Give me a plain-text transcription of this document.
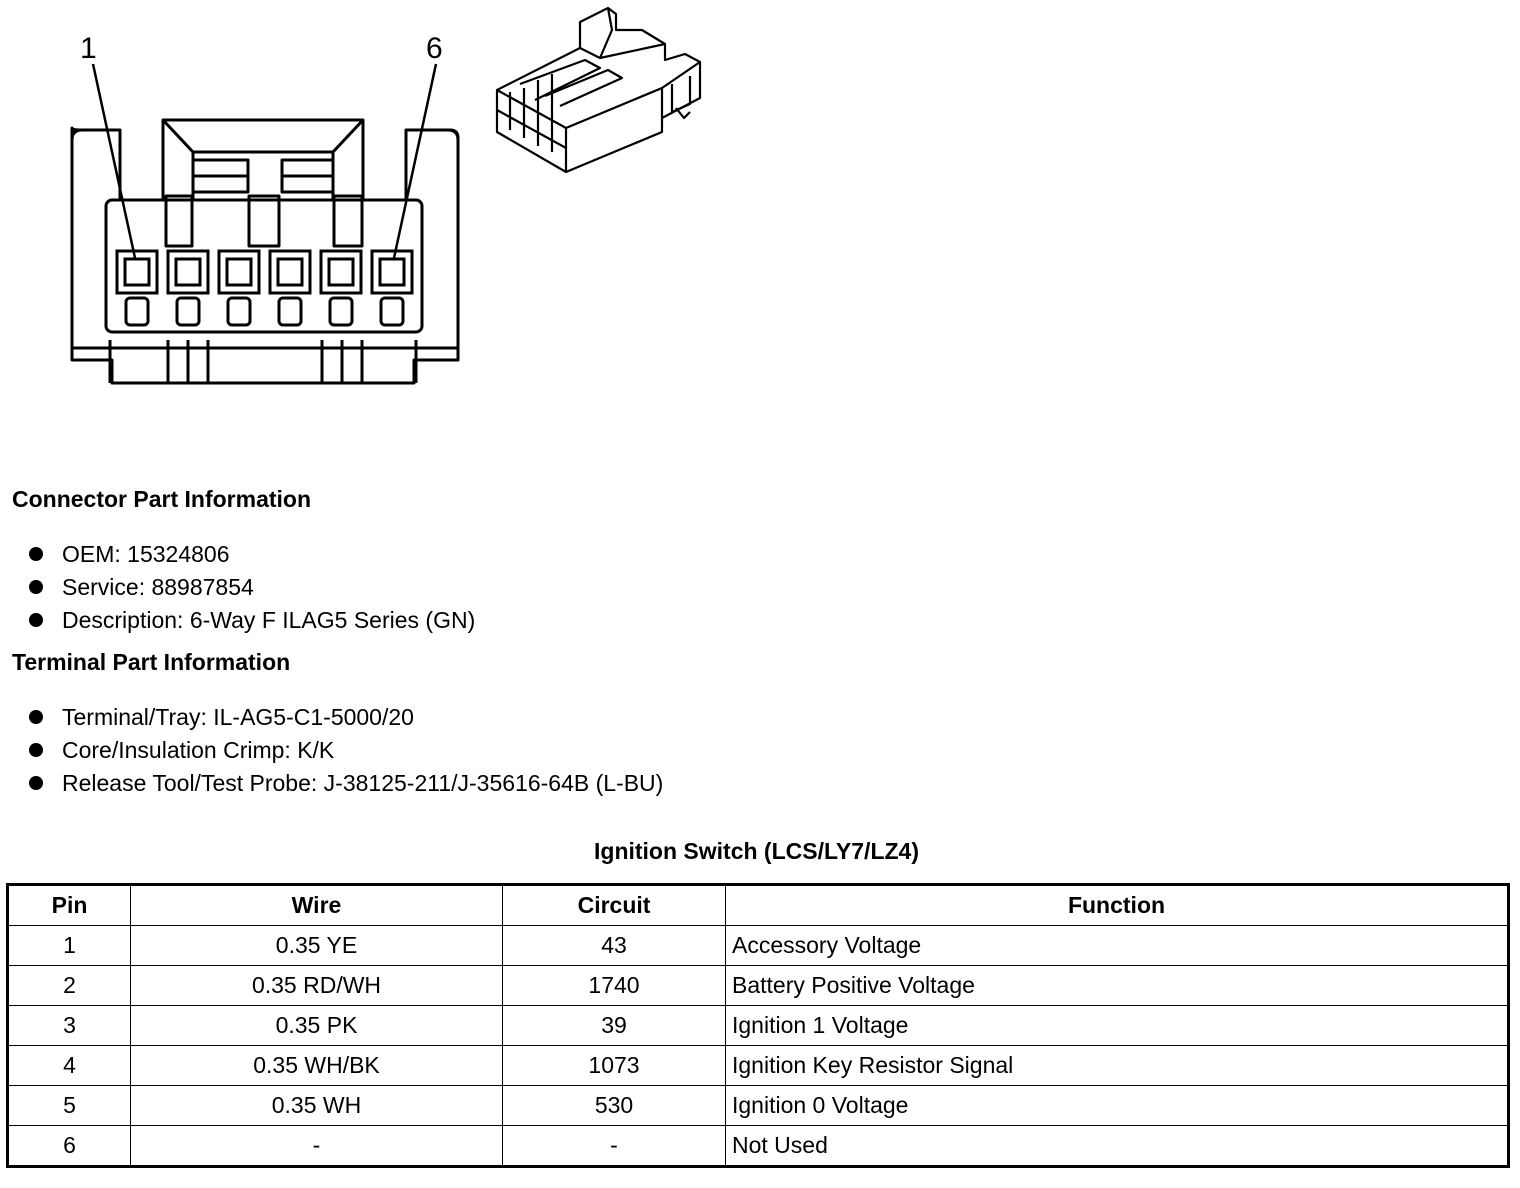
1	6
Connector Part Information
OEM: 15324806
Service: 88987854
Description: 6-Way F ILAG5 Series (GN)
Terminal Part Information
Terminal/Tray: IL-AG5-C1-5000/20
Core/Insulation Crimp: K/K
Release Tool/Test Probe: J-38125-211/J-35616-64B (L-BU)
Ignition Switch (LCS/LY7/LZ4)
Pin	Wire	Circuit	Function
1	0.35 YE	43	Accessory Voltage
2	0.35 RD/WH	1740	Battery Positive Voltage
3	0.35 PK	39	Ignition 1 Voltage
4	0.35 WH/BK	1073	Ignition Key Resistor Signal
5	0.35 WH	530	Ignition 0 Voltage
6	-	-	Not Used
